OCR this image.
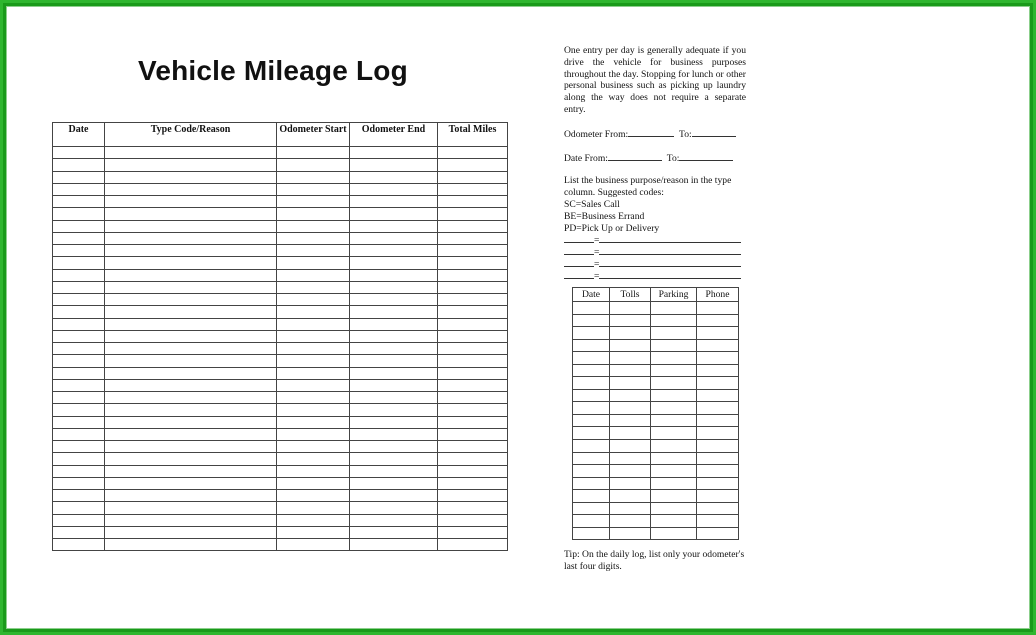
Vehicle Mileage Log
Date	Type Code/Reason	Odometer Start	Odometer End	Total Miles

One entry per day is generally adequate if you drive the vehicle for business purposes throughout the day. Stopping for lunch or other personal business such as picking up laundry along the way does not require a separate entry.

Odometer From:	To:

Date From:	To:

List the business purpose/reason in the type column. Suggested codes:

SC=Sales Call

BE=Business Errand

PD=Pick Up or Delivery

=
=
=
=
Date	Tolls	Parking	Phone

Tip: On the daily log, list only your odometer's last four digits.
